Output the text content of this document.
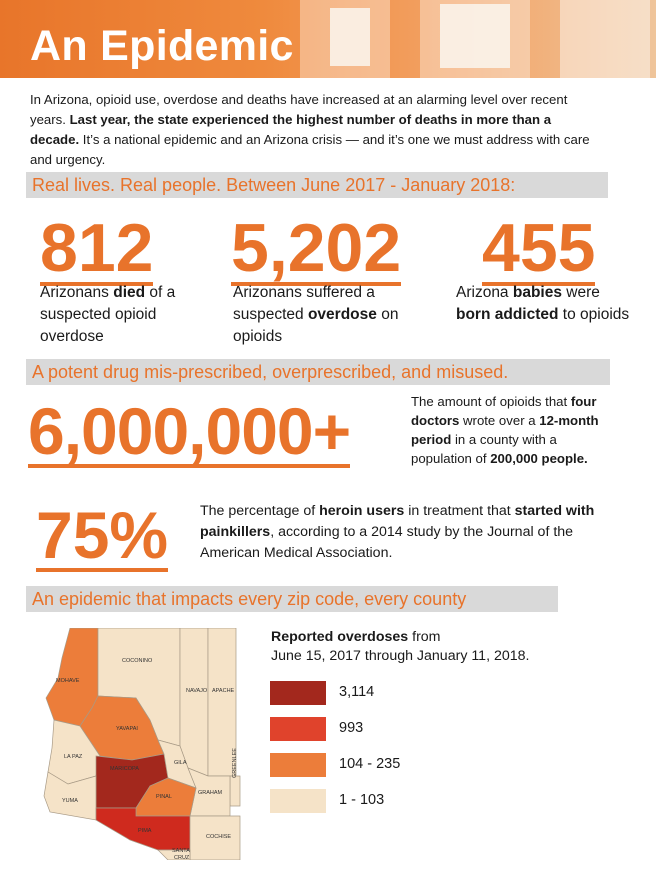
An Epidemic
In Arizona, opioid use, overdose and deaths have increased at an alarming level over recent years. Last year, the state experienced the highest number of deaths in more than a decade. It’s a national epidemic and an Arizona crisis — and it’s one we must address with care and urgency.
Real lives. Real people. Between June 2017 - January 2018:
812
Arizonans died of a suspected opioid overdose
5,202
Arizonans suffered a suspected overdose on opioids
455
Arizona babies were born addicted to opioids
A potent drug mis-prescribed, overprescribed, and misused.
6,000,000+	The amount of opioids that four doctors wrote over a 12-month period in a county with a population of 200,000 people.
75% The percentage of heroin users in treatment that started with painkillers, according to a 2014 study by the Journal of the American Medical Association.
An epidemic that impacts every zip code, every county
MOHAVE
COCONINO
NAVAJO APACHE
YAVAPAI
LA PAZ
MARICOPA
GILA	GREENLEE
GRAHAM
YUMA
PINAL
PIMA
COCHISE
SANTA
CRUZ
Reported overdoses from
June 15, 2017 through January 11, 2018.
3,114
993
104 - 235
1 - 103
